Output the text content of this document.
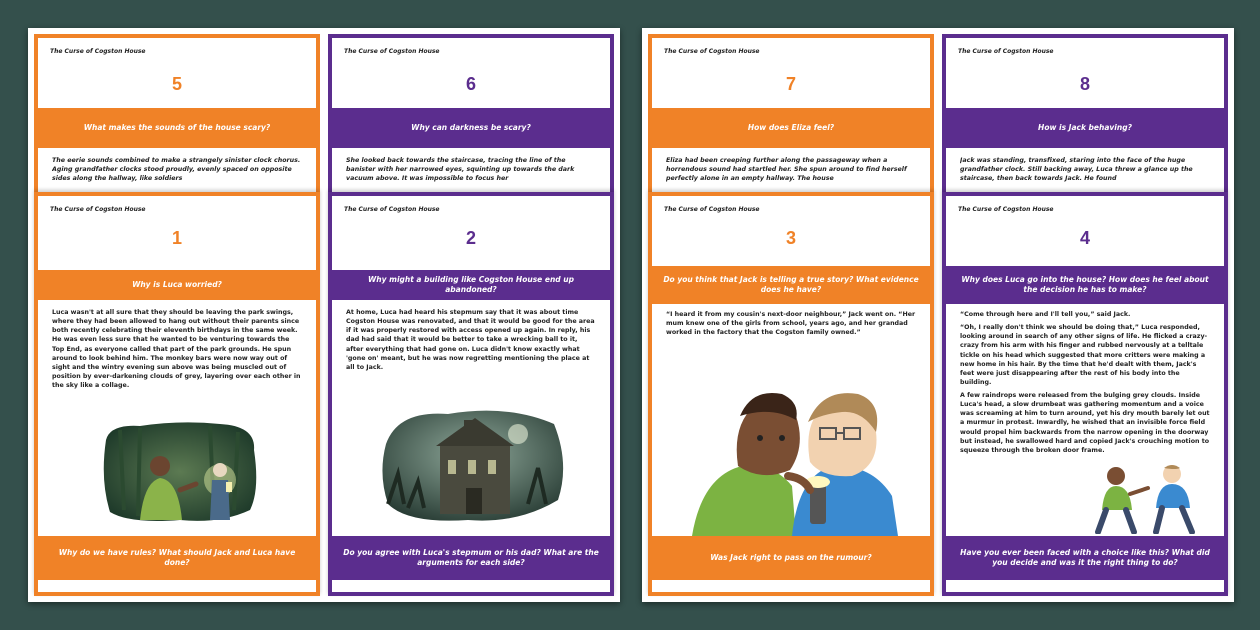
The Curse of Cogston House
5
What makes the sounds of the house scary?
The eerie sounds combined to make a strangely sinister clock chorus. Aging grandfather clocks stood proudly, evenly spaced on opposite sides along the hallway, like soldiers
The Curse of Cogston House
6
Why can darkness be scary?
She looked back towards the staircase, tracing the line of the banister with her narrowed eyes, squinting up towards the dark vacuum above. It was impossible to focus her
The Curse of Cogston House
1
Why is Luca worried?

Luca wasn't at all sure that they should be leaving the park swings, where they had been allowed to hang out without their parents since both recently celebrating their eleventh birthdays in the same week. He was even less sure that he wanted to be venturing towards the Top End, as everyone called that part of the park grounds. He spun around to look behind him. The monkey bars were now way out of sight and the wintry evening sun above was being muscled out of position by ever-darkening clouds of grey, layering over each other in the sky like a collage.

Why do we have rules? What should Jack and Luca have done?
The Curse of Cogston House
2
Why might a building like Cogston House end up abandoned?

At home, Luca had heard his stepmum say that it was about time Cogston House was renovated, and that it would be good for the area if it was properly restored with access opened up again. In reply, his dad had said that it would be better to take a wrecking ball to it, after everything that had gone on. Luca didn't know exactly what 'gone on' meant, but he was now regretting mentioning the place at all to Jack.

Do you agree with Luca's stepmum or his dad? What are the arguments for each side?
The Curse of Cogston House
7
How does Eliza feel?
Eliza had been creeping further along the passageway when a horrendous sound had startled her. She spun around to find herself perfectly alone in an empty hallway. The house
The Curse of Cogston House
8
How is Jack behaving?
Jack was standing, transfixed, staring into the face of the huge grandfather clock. Still backing away, Luca threw a glance up the staircase, then back towards Jack. He found
The Curse of Cogston House
3
Do you think that Jack is telling a true story? What evidence does he have?

“I heard it from my cousin's next-door neighbour,” Jack went on. “Her mum knew one of the girls from school, years ago, and her grandad worked in the factory that the Cogston family owned.”

Was Jack right to pass on the rumour?
The Curse of Cogston House
4
Why does Luca go into the house? How does he feel about the decision he has to make?

“Come through here and I'll tell you,” said Jack.

“Oh, I really don't think we should be doing that,” Luca responded, looking around in search of any other signs of life. He flicked a crazy-crazy from his arm with his finger and rubbed nervously at a telltale tickle on his head which suggested that more critters were making a new home in his hair. By the time that he'd dealt with them, Jack's feet were just disappearing after the rest of his body into the building.

A few raindrops were released from the bulging grey clouds. Inside Luca's head, a slow drumbeat was gathering momentum and a voice was screaming at him to turn around, yet his dry mouth barely let out a murmur in protest. Inwardly, he wished that an invisible force field would propel him backwards from the narrow opening in the doorway but instead, he swallowed hard and copied Jack's crouching motion to squeeze through the broken door frame.

Have you ever been faced with a choice like this? What did you decide and was it the right thing to do?
